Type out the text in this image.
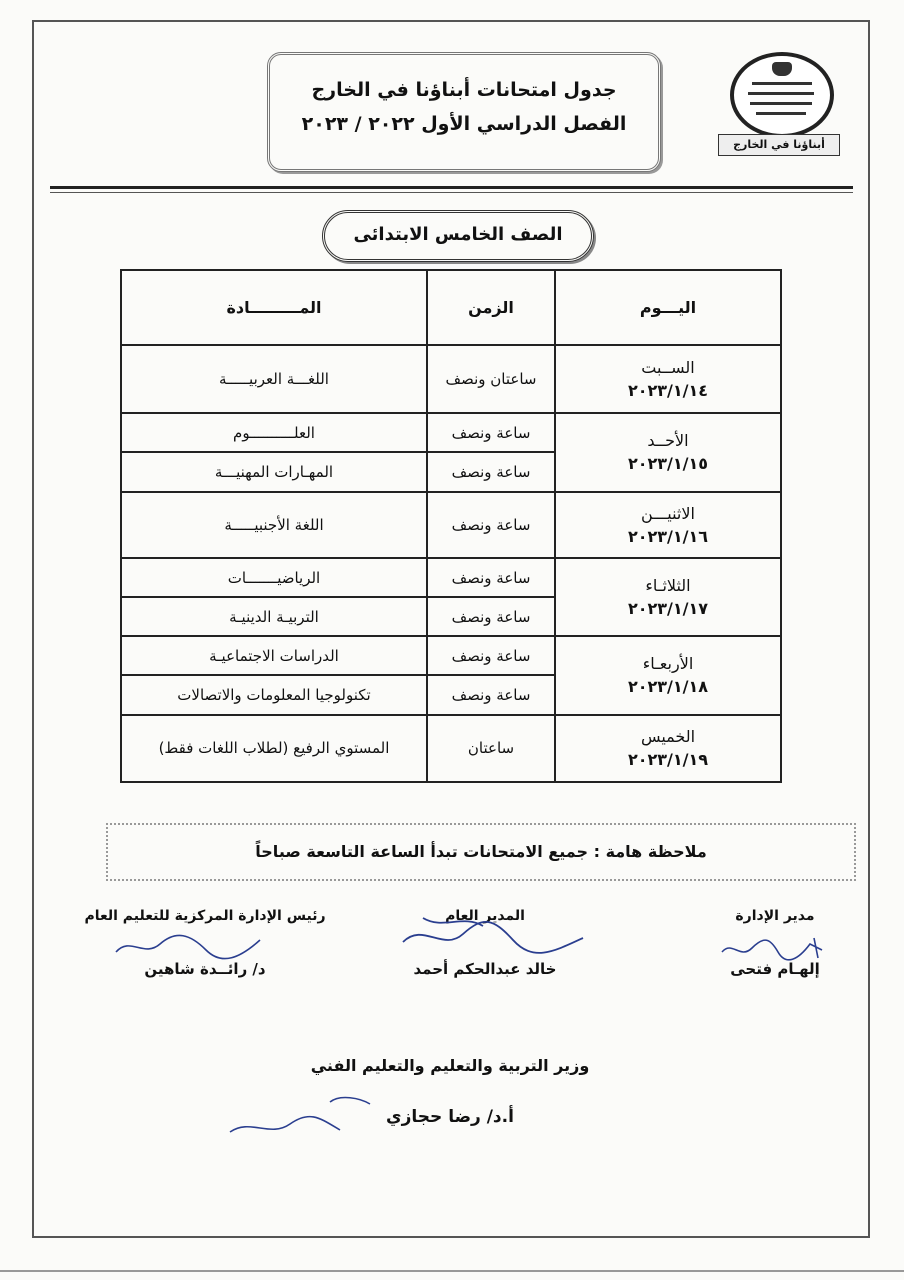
جدول امتحانات أبناؤنا في الخارج
الفصل الدراسي الأول ٢٠٢٢ / ٢٠٢٣
أبناؤنا في الخارج
الصف الخامس الابتدائى
اليـــوم	الزمن	المـــــــــادة

الســبت
٢٠٢٣/١/١٤	ساعتان ونصف	اللغـــة العربيـــــة

الأحــد
٢٠٢٣/١/١٥	ساعة ونصف	العلــــــــــوم
	ساعة ونصف	المهـارات المهنيـــة

الاثنيـــن
٢٠٢٣/١/١٦	ساعة ونصف	اللغة الأجنبيـــــة

الثلاثـاء
٢٠٢٣/١/١٧	ساعة ونصف	الرياضيـــــــات
	ساعة ونصف	التربيـة الدينيـة

الأربعـاء
٢٠٢٣/١/١٨	ساعة ونصف	الدراسات الاجتماعيـة
	ساعة ونصف	تكنولوجيا المعلومات والاتصالات

الخميس
٢٠٢٣/١/١٩	ساعتان	المستوي الرفيع (لطلاب اللغات فقط)
ملاحظة هامة : جميع الامتحانات تبدأ الساعة التاسعة صباحاً
مدير الإدارة
إلهـام فتحى
المدير العام
خالد عبدالحكم أحمد
رئيس الإدارة المركزية للتعليم العام
د/ رائــدة شاهين
وزير التربية والتعليم والتعليم الفني
أ.د/ رضا حجازي
